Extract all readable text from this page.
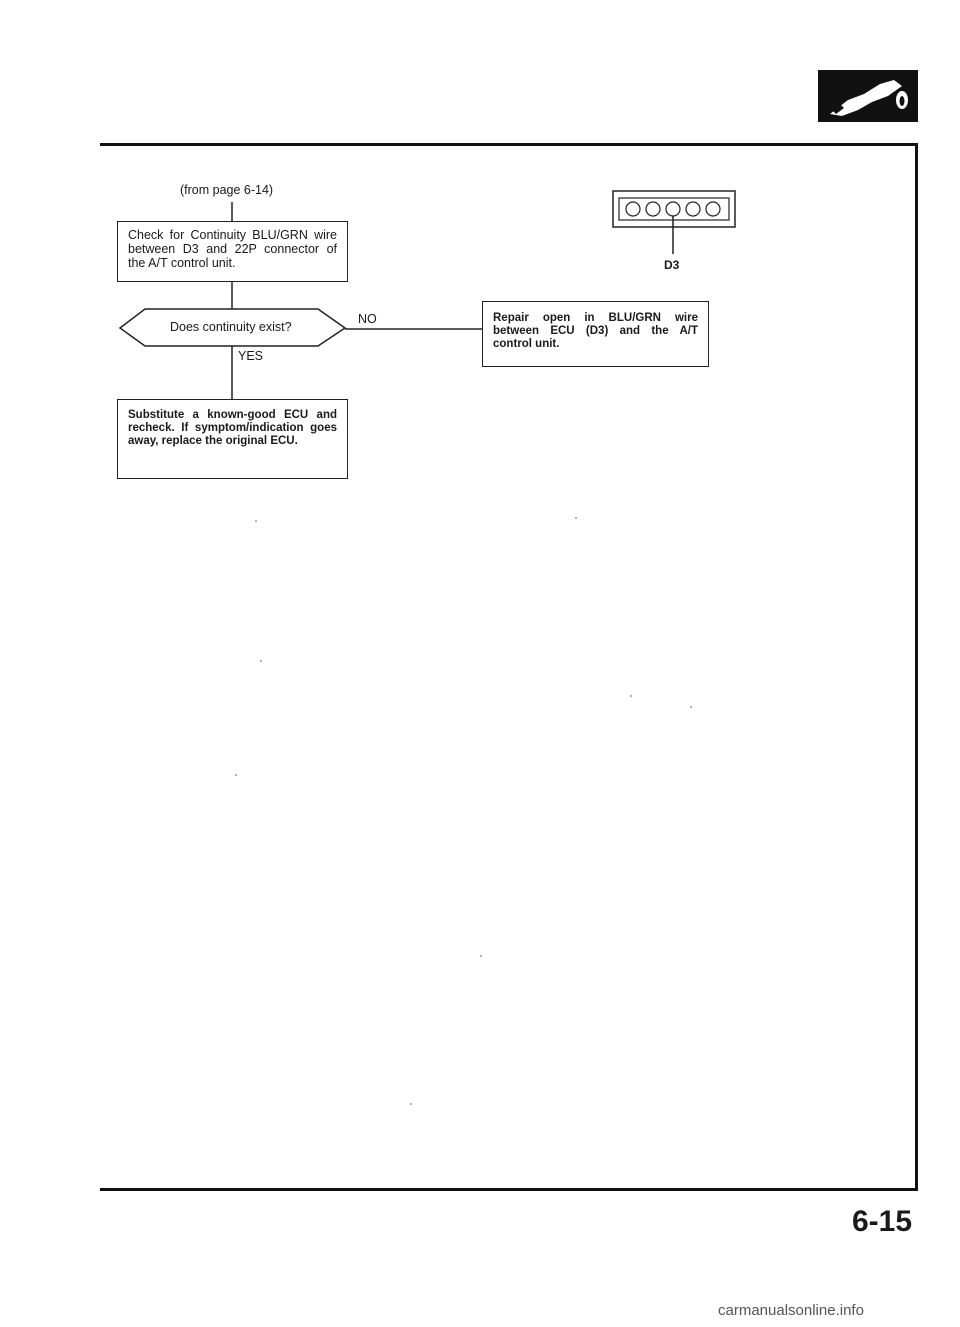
(from page 6-14)
Check for Continuity BLU/GRN wire between D3 and 22P connector of the A/T control unit.
Does continuity exist?
NO
YES
Substitute a known-good ECU and recheck. If symptom/indication goes away, replace the original ECU.
Repair open in BLU/GRN wire between ECU (D3) and the A/T control unit.
D3
6-15
carmanualsonline.info
